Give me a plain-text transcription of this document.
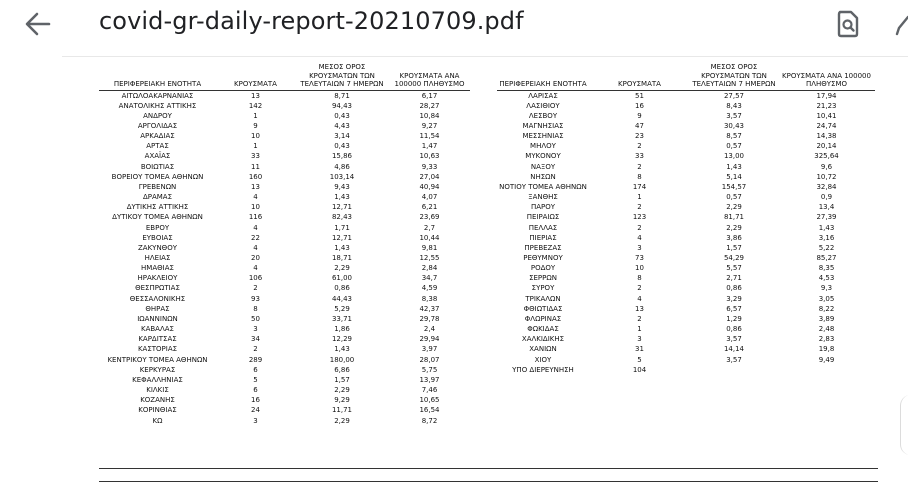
covid-gr-daily-report-20210709.pdf
ΠΕΡΙΦΕΡΕΙΑΚΗ ΕΝΟΤΗΤΑ	ΚΡΟΥΣΜΑΤΑ	ΜΕΣΟΣ ΟΡΟΣ ΚΡΟΥΣΜΑΤΩΝ ΤΩΝ ΤΕΛΕΥΤΑΙΩΝ 7 ΗΜΕΡΩΝ	ΚΡΟΥΣΜΑΤΑ ΑΝΑ 100000 ΠΛΗΘΥΣΜΟ
ΑΙΤΩΛΟΑΚΑΡΝΑΝΙΑΣ	13	8,71	6,17
ΑΝΑΤΟΛΙΚΗΣ ΑΤΤΙΚΗΣ	142	94,43	28,27
ΑΝΔΡΟΥ	1	0,43	10,84
ΑΡΓΟΛΙΔΑΣ	9	4,43	9,27
ΑΡΚΑΔΙΑΣ	10	3,14	11,54
ΑΡΤΑΣ	1	0,43	1,47
ΑΧΑΪΑΣ	33	15,86	10,63
ΒΟΙΩΤΙΑΣ	11	4,86	9,33
ΒΟΡΕΙΟΥ ΤΟΜΕΑ ΑΘΗΝΩΝ	160	103,14	27,04
ΓΡΕΒΕΝΩΝ	13	9,43	40,94
ΔΡΑΜΑΣ	4	1,43	4,07
ΔΥΤΙΚΗΣ ΑΤΤΙΚΗΣ	10	12,71	6,21
ΔΥΤΙΚΟΥ ΤΟΜΕΑ ΑΘΗΝΩΝ	116	82,43	23,69
ΕΒΡΟΥ	4	1,71	2,7
ΕΥΒΟΙΑΣ	22	12,71	10,44
ΖΑΚΥΝΘΟΥ	4	1,43	9,81
ΗΛΕΙΑΣ	20	18,71	12,55
ΗΜΑΘΙΑΣ	4	2,29	2,84
ΗΡΑΚΛΕΙΟΥ	106	61,00	34,7
ΘΕΣΠΡΩΤΙΑΣ	2	0,86	4,59
ΘΕΣΣΑΛΟΝΙΚΗΣ	93	44,43	8,38
ΘΗΡΑΣ	8	5,29	42,37
ΙΩΑΝΝΙΝΩΝ	50	33,71	29,78
ΚΑΒΑΛΑΣ	3	1,86	2,4
ΚΑΡΔΙΤΣΑΣ	34	12,29	29,94
ΚΑΣΤΟΡΙΑΣ	2	1,43	3,97
ΚΕΝΤΡΙΚΟΥ ΤΟΜΕΑ ΑΘΗΝΩΝ	289	180,00	28,07
ΚΕΡΚΥΡΑΣ	6	6,86	5,75
ΚΕΦΑΛΛΗΝΙΑΣ	5	1,57	13,97
ΚΙΛΚΙΣ	6	2,29	7,46
ΚΟΖΑΝΗΣ	16	9,29	10,65
ΚΟΡΙΝΘΙΑΣ	24	11,71	16,54
ΚΩ	3	2,29	8,72
ΠΕΡΙΦΕΡΕΙΑΚΗ ΕΝΟΤΗΤΑ	ΚΡΟΥΣΜΑΤΑ	ΜΕΣΟΣ ΟΡΟΣ ΚΡΟΥΣΜΑΤΩΝ ΤΩΝ ΤΕΛΕΥΤΑΙΩΝ 7 ΗΜΕΡΩΝ	ΚΡΟΥΣΜΑΤΑ ΑΝΑ 100000 ΠΛΗΘΥΣΜΟ
ΛΑΡΙΣΑΣ	51	27,57	17,94
ΛΑΣΙΘΙΟΥ	16	8,43	21,23
ΛΕΣΒΟΥ	9	3,57	10,41
ΜΑΓΝΗΣΙΑΣ	47	30,43	24,74
ΜΕΣΣΗΝΙΑΣ	23	8,57	14,38
ΜΗΛΟΥ	2	0,57	20,14
ΜΥΚΟΝΟΥ	33	13,00	325,64
ΝΑΞΟΥ	2	1,43	9,6
ΝΗΣΩΝ	8	5,14	10,72
ΝΟΤΙΟΥ ΤΟΜΕΑ ΑΘΗΝΩΝ	174	154,57	32,84
ΞΑΝΘΗΣ	1	0,57	0,9
ΠΑΡΟΥ	2	2,29	13,4
ΠΕΙΡΑΙΩΣ	123	81,71	27,39
ΠΕΛΛΑΣ	2	2,29	1,43
ΠΙΕΡΙΑΣ	4	3,86	3,16
ΠΡΕΒΕΖΑΣ	3	1,57	5,22
ΡΕΘΥΜΝΟΥ	73	54,29	85,27
ΡΟΔΟΥ	10	5,57	8,35
ΣΕΡΡΩΝ	8	2,71	4,53
ΣΥΡΟΥ	2	0,86	9,3
ΤΡΙΚΑΛΩΝ	4	3,29	3,05
ΦΘΙΩΤΙΔΑΣ	13	6,57	8,22
ΦΛΩΡΙΝΑΣ	2	1,29	3,89
ΦΩΚΙΔΑΣ	1	0,86	2,48
ΧΑΛΚΙΔΙΚΗΣ	3	3,57	2,83
ΧΑΝΙΩΝ	31	14,14	19,8
ΧΙΟΥ	5	3,57	9,49
ΥΠΟ ΔΙΕΡΕΥΝΗΣΗ	104		
